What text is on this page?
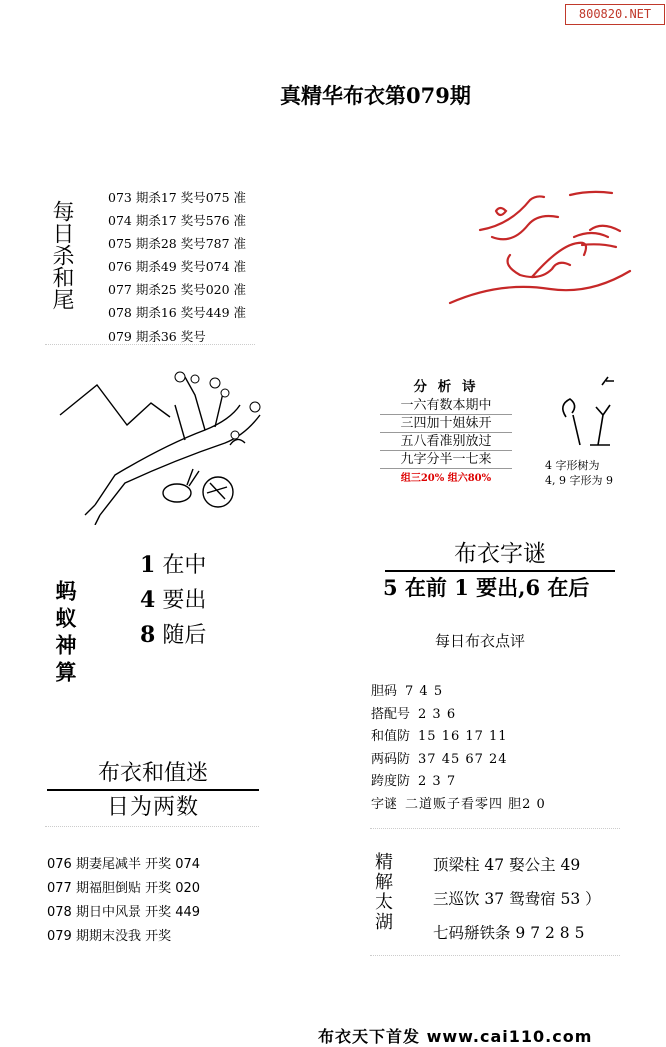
800820.NET
真精华布衣第079期
每日杀和尾
073 期杀17 奖号075 准
074 期杀17 奖号576 准
075 期杀28 奖号787 准
076 期杀49 奖号074 准
077 期杀25 奖号020 准
078 期杀16 奖号449 准
079 期杀36 奖号
分 析 诗
一六有数本期中
三四加十姐妹开
五八看准别放过
九字分半一七来
组三20% 组六80%
4 字形树为
4, 9 字形为 9
蚂蚁神算
1 在中
4 要出
8 随后
布衣字谜
5 在前 1 要出,6 在后
每日布衣点评
胆码 7 4 5
搭配号 2 3 6
和值防 15 16 17 11
两码防 37 45 67 24
跨度防 2 3 7
字谜 二道贩子看零四 胆2 0
布衣和值迷
日为两数
076 期妻尾减半 开奖 074
077 期福胆倒贴 开奖 020
078 期日中风景 开奖 449
079 期期末没我 开奖
精解太湖	顶梁柱 47 娶公主 49
三巡饮 37 鸳鸯宿 53 ）
七码掰铁条 9 7 2 8 5
布衣天下首发 www.cai110.com
